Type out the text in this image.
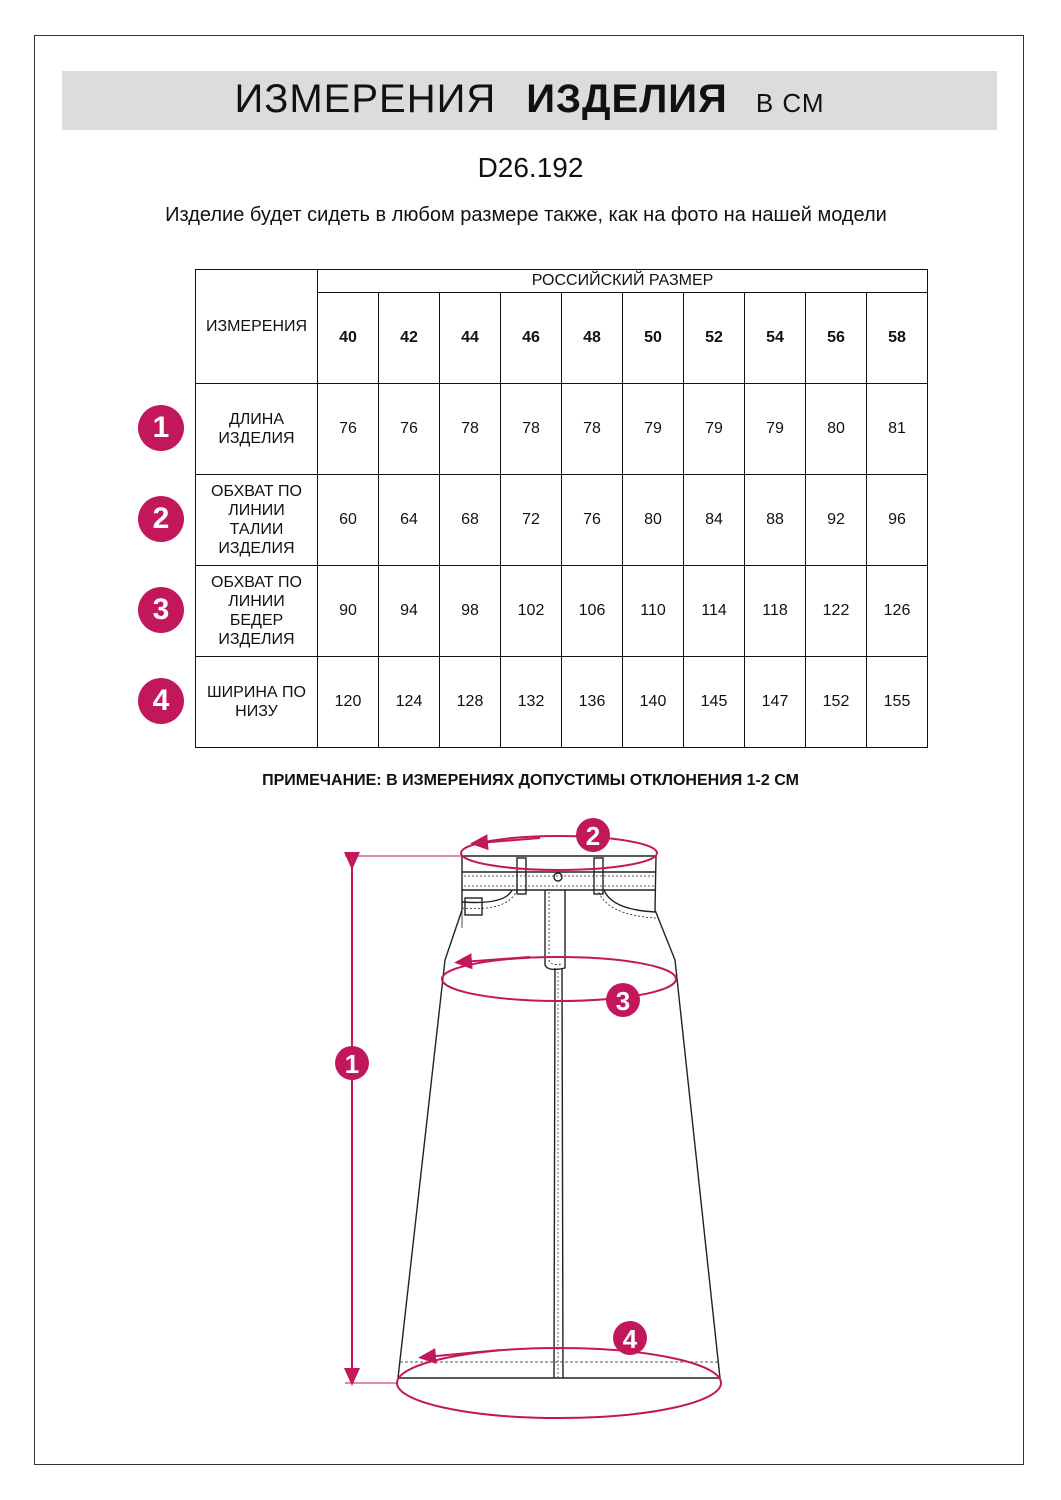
ИЗМЕРЕНИЯ ИЗДЕЛИЯ В СМ
D26.192
Изделие будет сидеть в любом размере также, как на фото на нашей модели
ИЗМЕРЕНИЯ	РОССИЙСКИЙ РАЗМЕР									
	40	42	44	46	48	50	52	54	56	58

ДЛИНА ИЗДЕЛИЯ	76	76	78	78	78	79	79	79	80	81

ОБХВАТ ПО ЛИНИИ ТАЛИИ ИЗДЕЛИЯ	60	64	68	72	76	80	84	88	92	96

ОБХВАТ ПО ЛИНИИ БЕДЕР ИЗДЕЛИЯ	90	94	98	102	106	110	114	118	122	126

ШИРИНА ПО НИЗУ	120	124	128	132	136	140	145	147	152	155
1
2
3
4
ПРИМЕЧАНИЕ: В ИЗМЕРЕНИЯХ ДОПУСТИМЫ ОТКЛОНЕНИЯ 1-2 СМ
1
2
3
4
